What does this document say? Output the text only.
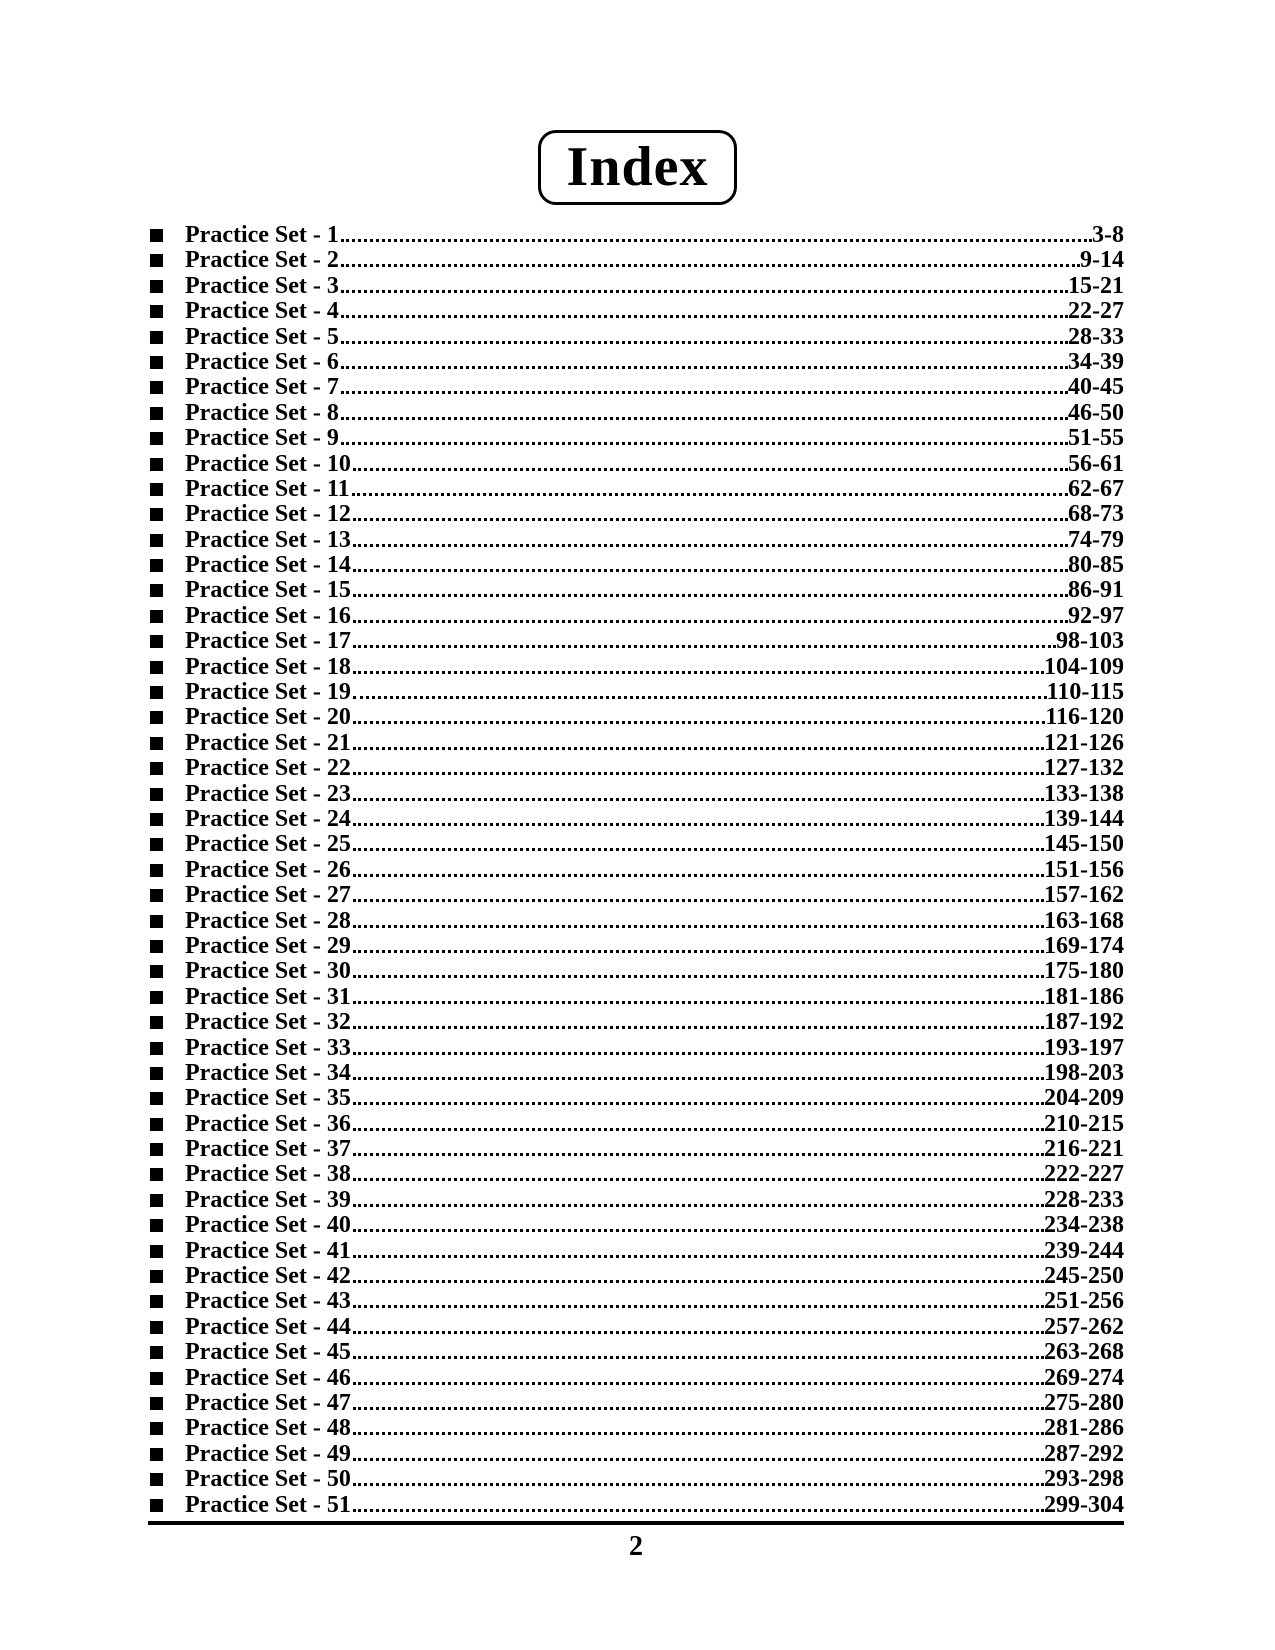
Index
Practice Set - 1	3-8
Practice Set - 2	9-14
Practice Set - 3	15-21
Practice Set - 4	22-27
Practice Set - 5	28-33
Practice Set - 6	34-39
Practice Set - 7	40-45
Practice Set - 8	46-50
Practice Set - 9	51-55
Practice Set - 10	56-61
Practice Set - 11	62-67
Practice Set - 12	68-73
Practice Set - 13	74-79
Practice Set - 14	80-85
Practice Set - 15	86-91
Practice Set - 16	92-97
Practice Set - 17	98-103
Practice Set - 18	104-109
Practice Set - 19	110-115
Practice Set - 20	116-120
Practice Set - 21	121-126
Practice Set - 22	127-132
Practice Set - 23	133-138
Practice Set - 24	139-144
Practice Set - 25	145-150
Practice Set - 26	151-156
Practice Set - 27	157-162
Practice Set - 28	163-168
Practice Set - 29	169-174
Practice Set - 30	175-180
Practice Set - 31	181-186
Practice Set - 32	187-192
Practice Set - 33	193-197
Practice Set - 34	198-203
Practice Set - 35	204-209
Practice Set - 36	210-215
Practice Set - 37	216-221
Practice Set - 38	222-227
Practice Set - 39	228-233
Practice Set - 40	234-238
Practice Set - 41	239-244
Practice Set - 42	245-250
Practice Set - 43	251-256
Practice Set - 44	257-262
Practice Set - 45	263-268
Practice Set - 46	269-274
Practice Set - 47	275-280
Practice Set - 48	281-286
Practice Set - 49	287-292
Practice Set - 50	293-298
Practice Set - 51	299-304
2
